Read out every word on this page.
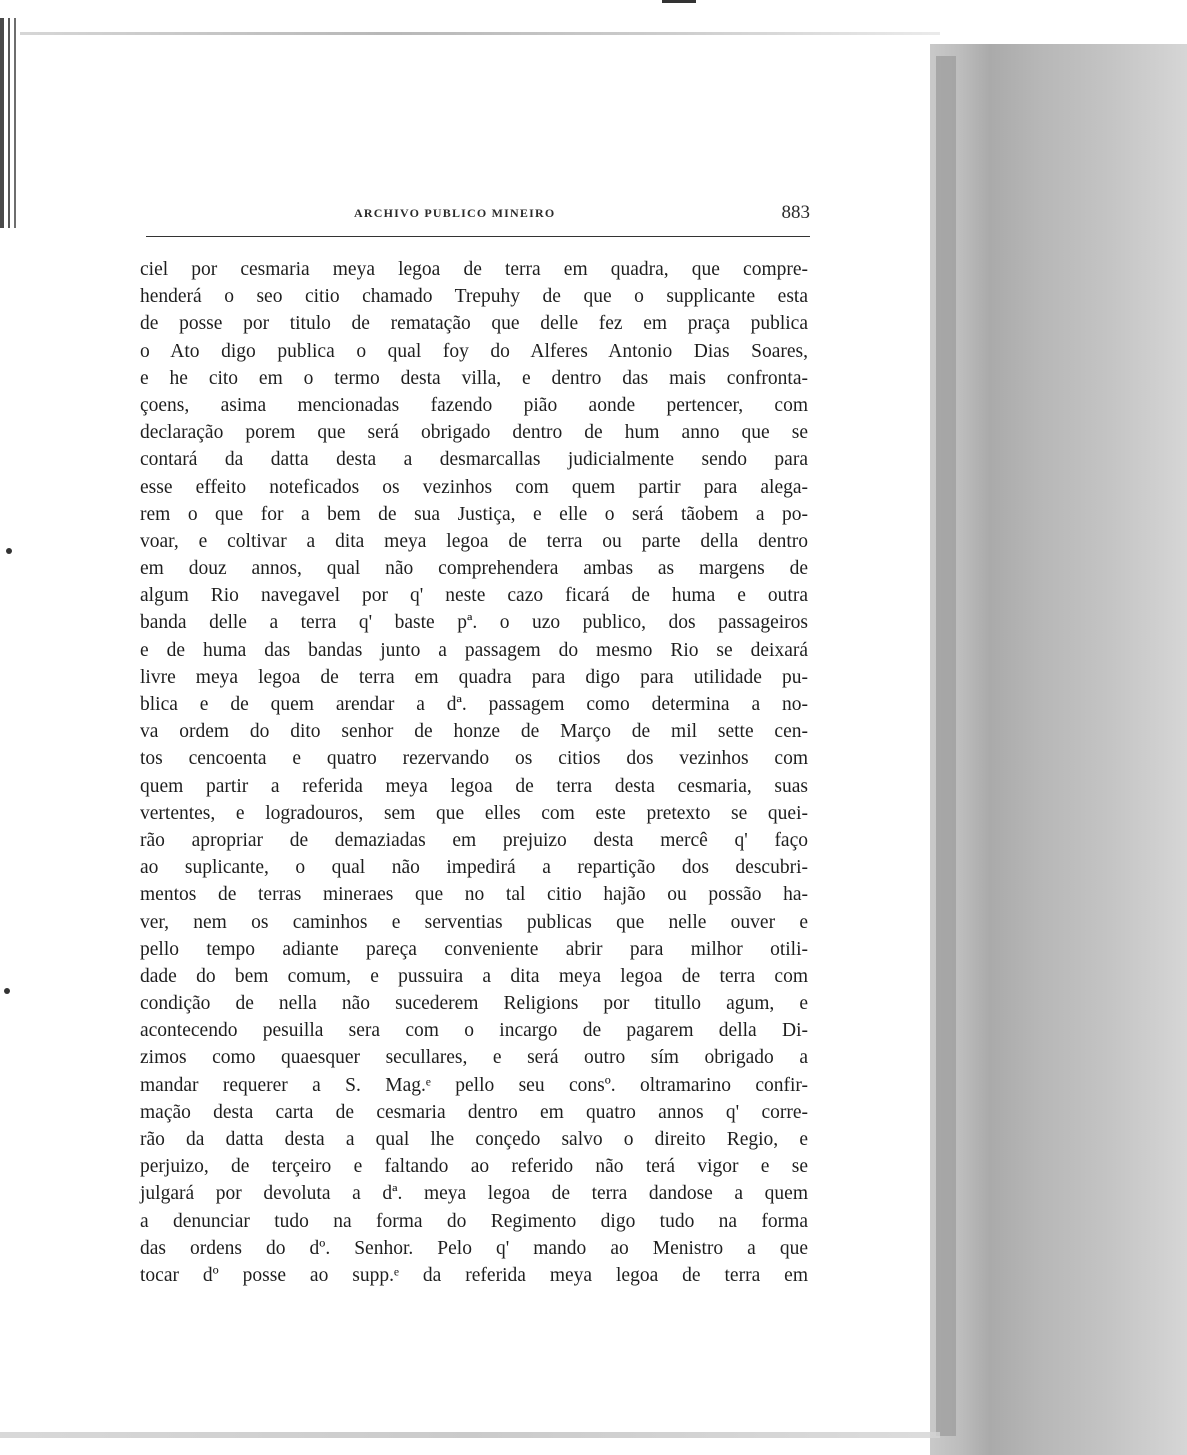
ARCHIVO PUBLICO MINEIRO	883
ciel por cesmaria meya legoa de terra em quadra, que compre-
henderá o seo citio chamado Trepuhy de que o supplicante esta
de posse por titulo de rematação que delle fez em praça publica
o Ato digo publica o qual foy do Alferes Antonio Dias Soares,
e he cito em o termo desta villa, e dentro das mais confronta-
çoens, asima mencionadas fazendo pião aonde pertencer, com
declaração porem que será obrigado dentro de hum anno que se
contará da datta desta a desmarcallas judicialmente sendo para
esse effeito noteficados os vezinhos com quem partir para alega-
rem o que for a bem de sua Justiça, e elle o será tãobem a po-
voar, e coltivar a dita meya legoa de terra ou parte della dentro
em douz annos, qual não comprehendera ambas as margens de
algum Rio navegavel por q' neste cazo ficará de huma e outra
banda delle a terra q' baste pª. o uzo publico, dos passageiros
e de huma das bandas junto a passagem do mesmo Rio se deixará
livre meya legoa de terra em quadra para digo para utilidade pu-
blica e de quem arendar a dª. passagem como determina a no-
va ordem do dito senhor de honze de Março de mil sette cen-
tos cencoenta e quatro rezervando os citios dos vezinhos com
quem partir a referida meya legoa de terra desta cesmaria, suas
vertentes, e logradouros, sem que elles com este pretexto se quei-
rão apropriar de demaziadas em prejuizo desta mercê q' faço
ao suplicante, o qual não impedirá a repartição dos descubri-
mentos de terras mineraes que no tal citio hajão ou possão ha-
ver, nem os caminhos e serventias publicas que nelle ouver e
pello tempo adiante pareça conveniente abrir para milhor otili-
dade do bem comum, e pussuira a dita meya legoa de terra com
condição de nella não sucederem Religions por titullo agum, e
acontecendo pesuilla sera com o incargo de pagarem della Di-
zimos como quaesquer secullares, e será outro sím obrigado a
mandar requerer a S. Mag.ᵉ pello seu consº. oltramarino confir-
mação desta carta de cesmaria dentro em quatro annos q' corre-
rão da datta desta a qual lhe conçedo salvo o direito Regio, e
perjuizo, de terçeiro e faltando ao referido não terá vigor e se
julgará por devoluta a dª. meya legoa de terra dandose a quem
a denunciar tudo na forma do Regimento digo tudo na forma
das ordens do dº. Senhor. Pelo q' mando ao Menistro a que
tocar dº posse ao supp.ᵉ da referida meya legoa de terra em
